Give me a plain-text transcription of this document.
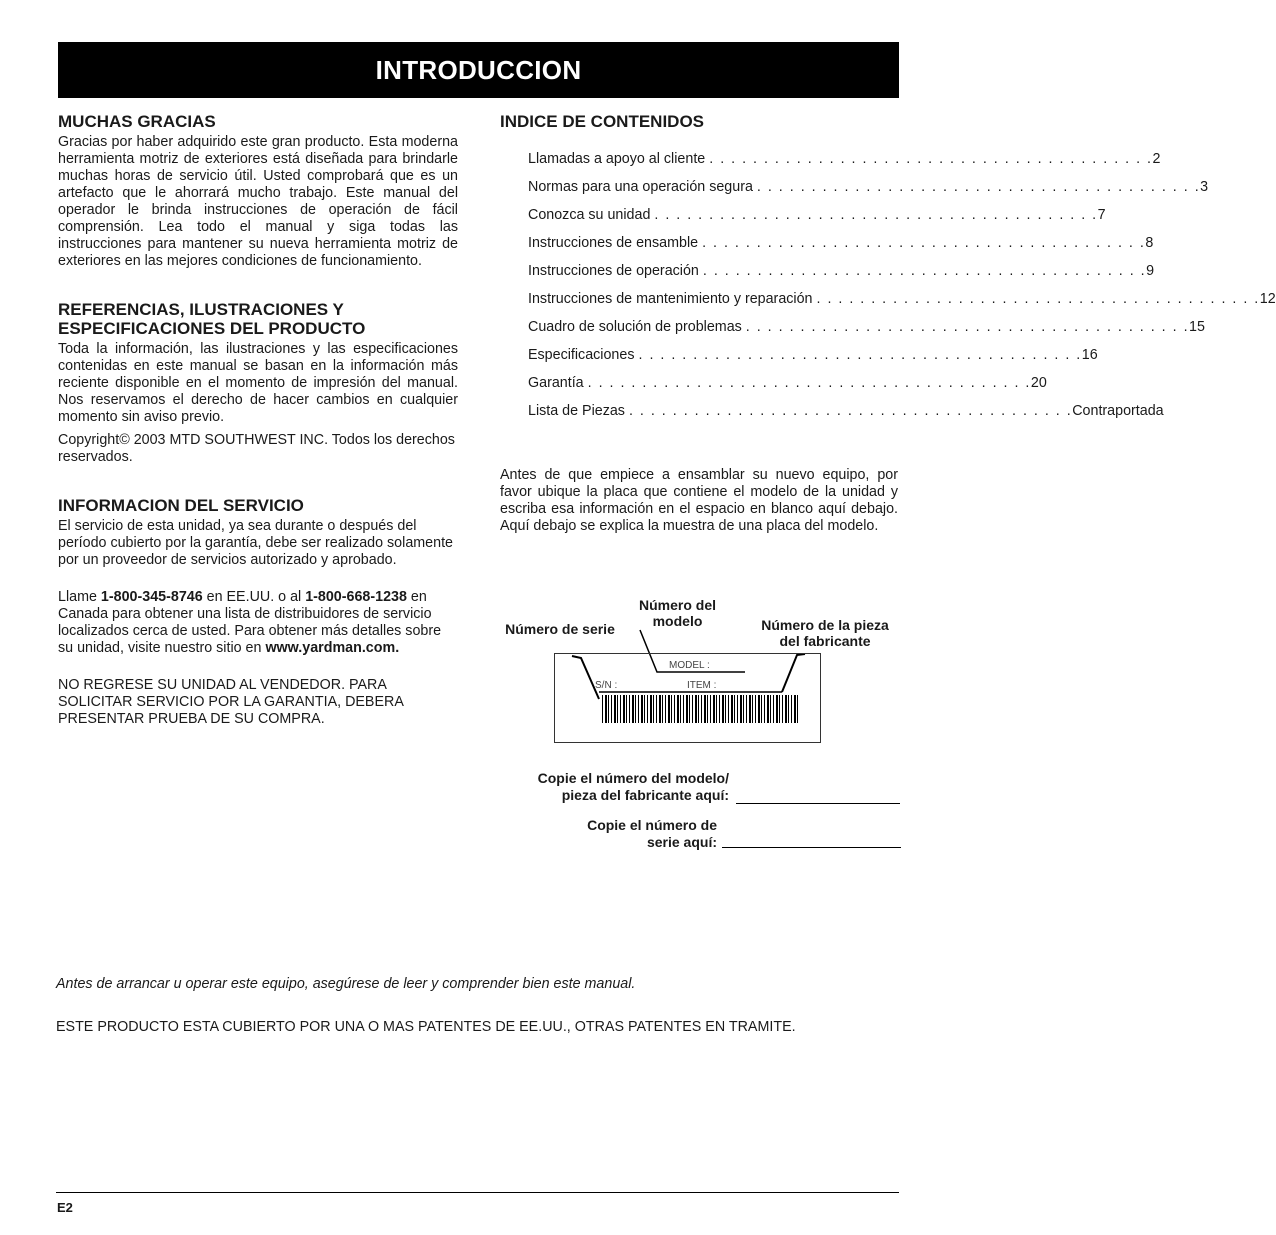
INTRODUCCION
MUCHAS GRACIAS

Gracias por haber adquirido este gran producto. Esta moderna herramienta motriz de exteriores está diseñada para brindarle muchas horas de servicio útil. Usted comprobará que es un artefacto que le ahorrará mucho trabajo. Este manual del operador le brinda instrucciones de operación de fácil comprensión. Lea todo el manual y siga todas las instrucciones para mantener su nueva herramienta motriz de exteriores en las mejores condiciones de funcionamiento.

REFERENCIAS, ILUSTRACIONES Y ESPECIFICACIONES DEL PRODUCTO

Toda la información, las ilustraciones y las especificaciones contenidas en este manual se basan en la información más reciente disponible en el momento de impresión del manual. Nos reservamos el derecho de hacer cambios en cualquier momento sin aviso previo.

Copyright© 2003 MTD SOUTHWEST INC. Todos los derechos reservados.

INFORMACION DEL SERVICIO

El servicio de esta unidad, ya sea durante o después del período cubierto por la garantía, debe ser realizado solamente por un proveedor de servicios autorizado y aprobado.

Llame 1-800-345-8746 en EE.UU. o al 1-800-668-1238 en Canada para obtener una lista de distribuidores de servicio localizados cerca de usted. Para obtener más detalles sobre su unidad, visite nuestro sitio en www.yardman.com.

NO REGRESE SU UNIDAD AL VENDEDOR. PARA SOLICITAR SERVICIO POR LA GARANTIA, DEBERA PRESENTAR PRUEBA DE SU COMPRA.

INDICE DE CONTENIDOS
Llamadas a apoyo al cliente . . . . . . . . . . . . . . . . . . . . . . . . . . . . . . . . . . . . . . . . . 2
Normas para una operación segura . . . . . . . . . . . . . . . . . . . . . . . . . . . . . . . . . . . . . . . . . 3
Conozca su unidad . . . . . . . . . . . . . . . . . . . . . . . . . . . . . . . . . . . . . . . . . 7
Instrucciones de ensamble . . . . . . . . . . . . . . . . . . . . . . . . . . . . . . . . . . . . . . . . . 8
Instrucciones de operación . . . . . . . . . . . . . . . . . . . . . . . . . . . . . . . . . . . . . . . . . 9
Instrucciones de mantenimiento y reparación . . . . . . . . . . . . . . . . . . . . . . . . . . . . . . . . . . . . . . . . . 12
Cuadro de solución de problemas . . . . . . . . . . . . . . . . . . . . . . . . . . . . . . . . . . . . . . . . . 15
Especificaciones . . . . . . . . . . . . . . . . . . . . . . . . . . . . . . . . . . . . . . . . . 16
Garantía . . . . . . . . . . . . . . . . . . . . . . . . . . . . . . . . . . . . . . . . . 20
Lista de Piezas . . . . . . . . . . . . . . . . . . . . . . . . . . . . . . . . . . . . . . . . . Contraportada

Antes de que empiece a ensamblar su nuevo equipo, por favor ubique la placa que contiene el modelo de la unidad y escriba esa información en el espacio en blanco aquí debajo. Aquí debajo se explica la muestra de una placa del modelo.

Número de serie
Número del modelo	Número de la pieza del fabricante
MODEL :
S/N :	ITEM :
Copie el número del modelo/ pieza del fabricante aquí:
Copie el número de serie aquí:
Antes de arrancar u operar este equipo, asegúrese de leer y comprender bien este manual.
ESTE PRODUCTO ESTA CUBIERTO POR UNA O MAS PATENTES DE EE.UU., OTRAS PATENTES EN TRAMITE.
E2
